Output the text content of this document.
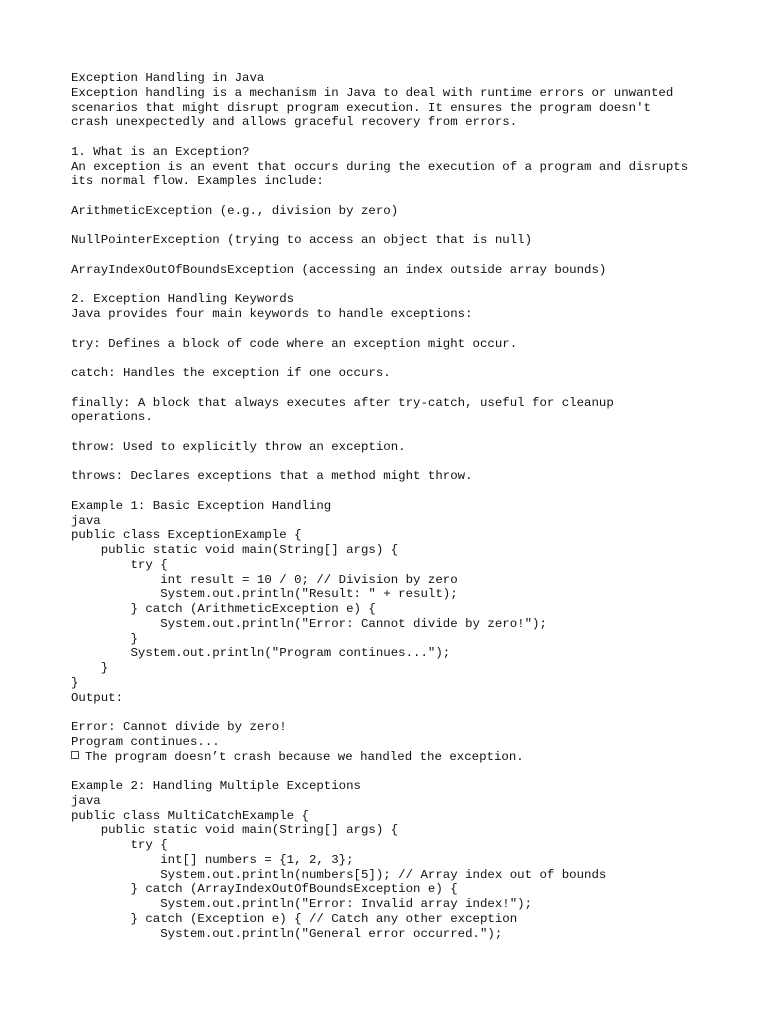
Exception Handling in Java
Exception handling is a mechanism in Java to deal with runtime errors or unwanted
scenarios that might disrupt program execution. It ensures the program doesn't
crash unexpectedly and allows graceful recovery from errors.
1. What is an Exception?
An exception is an event that occurs during the execution of a program and disrupts
its normal flow. Examples include:
ArithmeticException (e.g., division by zero)
NullPointerException (trying to access an object that is null)
ArrayIndexOutOfBoundsException (accessing an index outside array bounds)
2. Exception Handling Keywords
Java provides four main keywords to handle exceptions:
try: Defines a block of code where an exception might occur.
catch: Handles the exception if one occurs.
finally: A block that always executes after try-catch, useful for cleanup
operations.
throw: Used to explicitly throw an exception.
throws: Declares exceptions that a method might throw.
Example 1: Basic Exception Handling
java
public class ExceptionExample {
public static void main(String[] args) {
try {
int result = 10 / 0; // Division by zero
System.out.println("Result: " + result);
} catch (ArithmeticException e) {
System.out.println("Error: Cannot divide by zero!");
}
System.out.println("Program continues...");
}
}
Output:
Error: Cannot divide by zero!
Program continues...
The program doesn’t crash because we handled the exception.
Example 2: Handling Multiple Exceptions
java
public class MultiCatchExample {
public static void main(String[] args) {
try {
int[] numbers = {1, 2, 3};
System.out.println(numbers[5]); // Array index out of bounds
} catch (ArrayIndexOutOfBoundsException e) {
System.out.println("Error: Invalid array index!");
} catch (Exception e) { // Catch any other exception
System.out.println("General error occurred.");
